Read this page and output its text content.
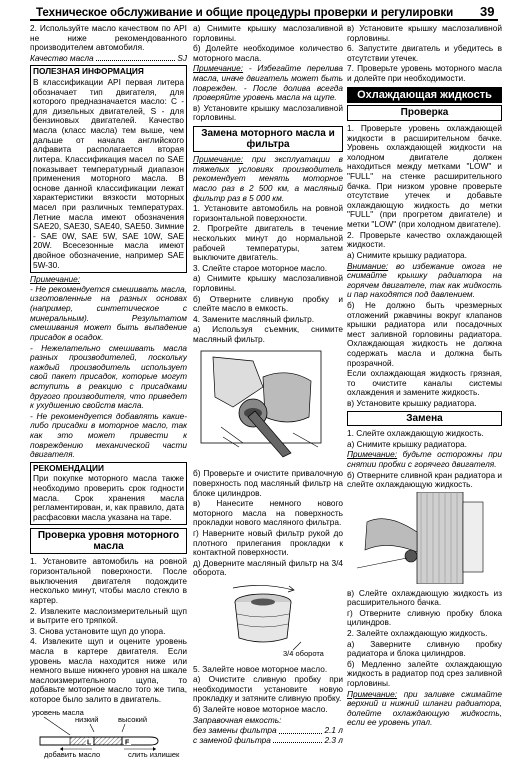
Техническое обслуживание и общие процедуры проверки и регулировки 39

2. Используйте масло качеством по API не ниже рекомендованного производителем автомобиля.

Качество масла	SJ
ПОЛЕЗНАЯ ИНФОРМАЦИЯ

В классификации API первая литера обозначает тип двигателя, для которого предназначается масло: С - для дизельных двигателей, S - для бензиновых двигателей. Качество масла (класс масла) тем выше, чем дальше от начала английского алфавита располагается вторая литера. Классификация масел по SAE показывает температурный диапазон применения моторного масла. В основе данной классификации лежат характеристики вязкости моторных масел при различных температурах. Летние масла имеют обозначения SAE20, SAE30, SAE40, SAE50. Зимние - SAE 0W, SAE 5W, SAE 10W, SAE 20W. Всесезонные масла имеют двойное обозначение, например SAE 5W-30.

Примечание:

- Не рекомендуется смешивать масла, изготовленные на разных основах (например, синтетическое с минеральным). Результатом смешивания может быть выпадение присадок в осадок.

- Нежелательно смешивать масла разных производителей, поскольку каждый производитель использует свой пакет присадок, которые могут вступить в реакцию с присадками другого производителя, что приведет к ухудшению свойств масла.

- Не рекомендуется добавлять какие-либо присадки в моторное масло, так как это может привести к повреждению механической части двигателя.

РЕКОМЕНДАЦИИ

При покупке моторного масла также необходимо проверить срок годности масла. Срок хранения масла регламентирован, и, как правило, дата расфасовки масла указана на таре.

Проверка уровня моторного масла

1. Установите автомобиль на ровной горизонтальной поверхности. После выключения двигателя подождите несколько минут, чтобы масло стекло в картер.

2. Извлеките маслоизмерительный щуп и вытрите его тряпкой.

3. Снова установите щуп до упора.

4. Извлеките щуп и оцените уровень масла в картере двигателя. Если уровень масла находится ниже или немного выше нижнего уровня на шкале маслоизмерительного щупа, то добавьте моторное масло того же типа, которое было залито в двигатель.

уровень масла
низкий	высокий
L	F
добавить масло	слить излишек

а) Снимите крышку маслозаливной горловины.

б) Долейте необходимое количество моторного масла.

Примечание: - Избегайте перелива масла, иначе двигатель может быть поврежден. - После долива всегда проверяйте уровень масла на щупе.

в) Установите крышку маслозаливной горловины.

Замена моторного масла и фильтра

Примечание: при эксплуатации в тяжелых условиях производитель рекомендует менять моторное масло раз в 2 500 км, а масляный фильтр раз в 5 000 км.

1. Установите автомобиль на ровной горизонтальной поверхности.

2. Прогрейте двигатель в течение нескольких минут до нормальной рабочей температуры, затем выключите двигатель.

3. Слейте старое моторное масло.

а) Снимите крышку маслозаливной горловины.

б) Отверните сливную пробку и слейте масло в емкость.

4. Замените масляный фильтр.

а) Используя съемник, снимите масляный фильтр.

б) Проверьте и очистите привалочную поверхность под масляный фильтр на блоке цилиндров.

в) Нанесите немного нового моторного масла на поверхность прокладки нового масляного фильтра.

г) Наверните новый фильтр рукой до плотного прилегания прокладки к контактной поверхности.

д) Доверните масляный фильтр на 3/4 оборота.

3/4 оборота

5. Залейте новое моторное масло.

а) Очистите сливную пробку при необходимости установите новую прокладку и затяните сливную пробку.

б) Залейте новое моторное масло.

Заправочная емкость:

без замены фильтра	2.1 л
с заменой фильтра	2.3 л

в) Установите крышку маслозаливной горловины.

6. Запустите двигатель и убедитесь в отсутствии утечек.

7. Проверьте уровень моторного масла и долейте при необходимости.

Охлаждающая жидкость
Проверка

1. Проверьте уровень охлаждающей жидкости в расширительном бачке. Уровень охлаждающей жидкости на холодном двигателе должен находиться между метками "LOW" и "FULL" на стенке расширительного бачка. При низком уровне проверьте отсутствие утечек и добавьте охлаждающую жидкость до метки "FULL" (при прогретом двигателе) и метки "LOW" (при холодном двигателе).

2. Проверьте качество охлаждающей жидкости.

а) Снимите крышку радиатора.

Внимание: во избежание ожога не снимайте крышку радиатора на горячем двигателе, так как жидкость и пар находятся под давлением.

б) Не должно быть чрезмерных отложений ржавчины вокруг клапанов крышки радиатора или посадочных мест заливной горловины радиатора. Охлаждающая жидкость не должна содержать масла и должна быть прозрачной.

Если охлаждающая жидкость грязная, то очистите каналы системы охлаждения и замените жидкость.

в) Установите крышку радиатора.

Замена

1. Слейте охлаждающую жидкость.

а) Снимите крышку радиатора.

Примечание: будьте осторожны при снятии пробки с горячего двигателя.

б) Отверните сливной кран радиатора и слейте охлаждающую жидкость.

в) Слейте охлаждающую жидкость из расширительного бачка.

г) Отверните сливную пробку блока цилиндров.

2. Залейте охлаждающую жидкость.

а) Заверните сливную пробку радиатора и блока цилиндров.

б) Медленно залейте охлаждающую жидкость в радиатор под срез заливной горловины.

Примечание: при заливке сжимайте верхний и нижний шланги радиатора, долейте охлаждающую жидкость, если ее уровень упал.
